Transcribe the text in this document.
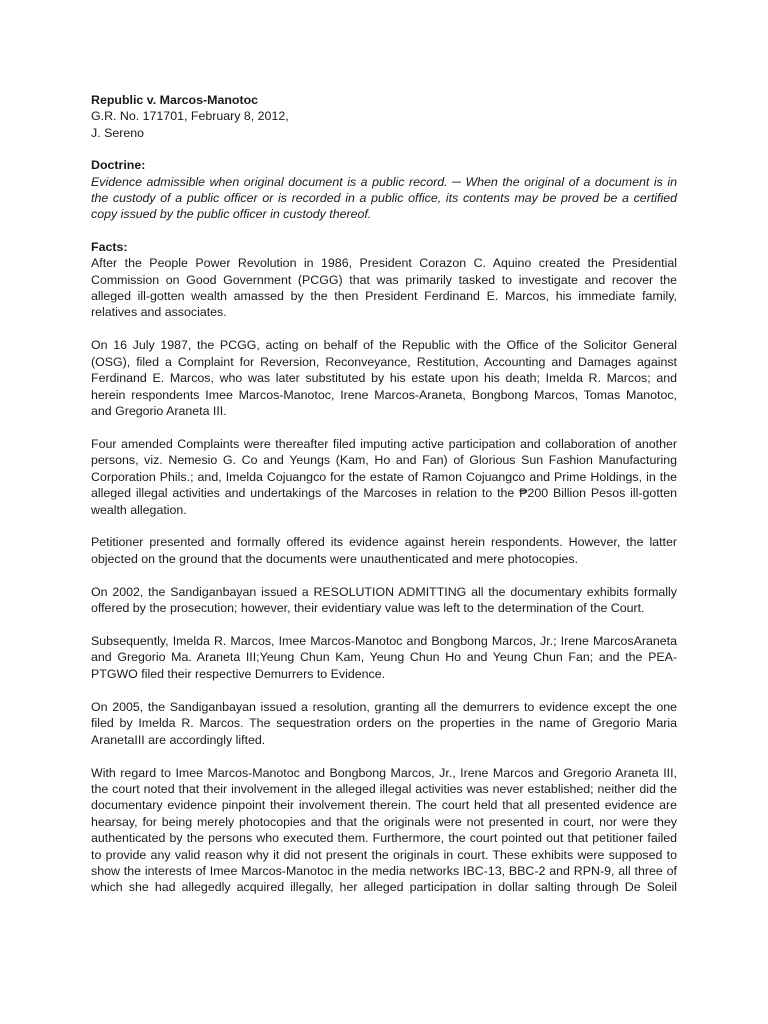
Republic v. Marcos-Manotoc
G.R. No. 171701, February 8, 2012,
J. Sereno
Doctrine:
Evidence admissible when original document is a public record. ─ When the original of a document is in the custody of a public officer or is recorded in a public office, its contents may be proved be a certified copy issued by the public officer in custody thereof.
Facts:

After the People Power Revolution in 1986, President Corazon C. Aquino created the Presidential Commission on Good Government (PCGG) that was primarily tasked to investigate and recover the alleged ill-gotten wealth amassed by the then President Ferdinand E. Marcos, his immediate family, relatives and associates.

On 16 July 1987, the PCGG, acting on behalf of the Republic with the Office of the Solicitor General (OSG), filed a Complaint for Reversion, Reconveyance, Restitution, Accounting and Damages against Ferdinand E. Marcos, who was later substituted by his estate upon his death; Imelda R. Marcos; and herein respondents Imee Marcos-Manotoc, Irene Marcos-Araneta, Bongbong Marcos, Tomas Manotoc, and Gregorio Araneta III.

Four amended Complaints were thereafter filed imputing active participation and collaboration of another persons, viz. Nemesio G. Co and Yeungs (Kam, Ho and Fan) of Glorious Sun Fashion Manufacturing Corporation Phils.; and, Imelda Cojuangco for the estate of Ramon Cojuangco and Prime Holdings, in the alleged illegal activities and undertakings of the Marcoses in relation to the ₱200 Billion Pesos ill-gotten wealth allegation.

Petitioner presented and formally offered its evidence against herein respondents. However, the latter objected on the ground that the documents were unauthenticated and mere photocopies.

On 2002, the Sandiganbayan issued a RESOLUTION ADMITTING all the documentary exhibits formally offered by the prosecution; however, their evidentiary value was left to the determination of the Court.

Subsequently, Imelda R. Marcos, Imee Marcos-Manotoc and Bongbong Marcos, Jr.; Irene MarcosAraneta and Gregorio Ma. Araneta III;Yeung Chun Kam, Yeung Chun Ho and Yeung Chun Fan; and the PEA-PTGWO filed their respective Demurrers to Evidence.

On 2005, the Sandiganbayan issued a resolution, granting all the demurrers to evidence except the one filed by Imelda R. Marcos. The sequestration orders on the properties in the name of Gregorio Maria AranetaIII are accordingly lifted.

With regard to Imee Marcos-Manotoc and Bongbong Marcos, Jr., Irene Marcos and Gregorio Araneta III, the court noted that their involvement in the alleged illegal activities was never established; neither did the documentary evidence pinpoint their involvement therein. The court held that all presented evidence are hearsay, for being merely photocopies and that the originals were not presented in court, nor were they authenticated by the persons who executed them. Furthermore, the court pointed out that petitioner failed to provide any valid reason why it did not present the originals in court. These exhibits were supposed to show the interests of Imee Marcos-Manotoc in the media networks IBC-13, BBC-2 and RPN-9, all three of which she had allegedly acquired illegally, her alleged participation in dollar salting through De Soleil
